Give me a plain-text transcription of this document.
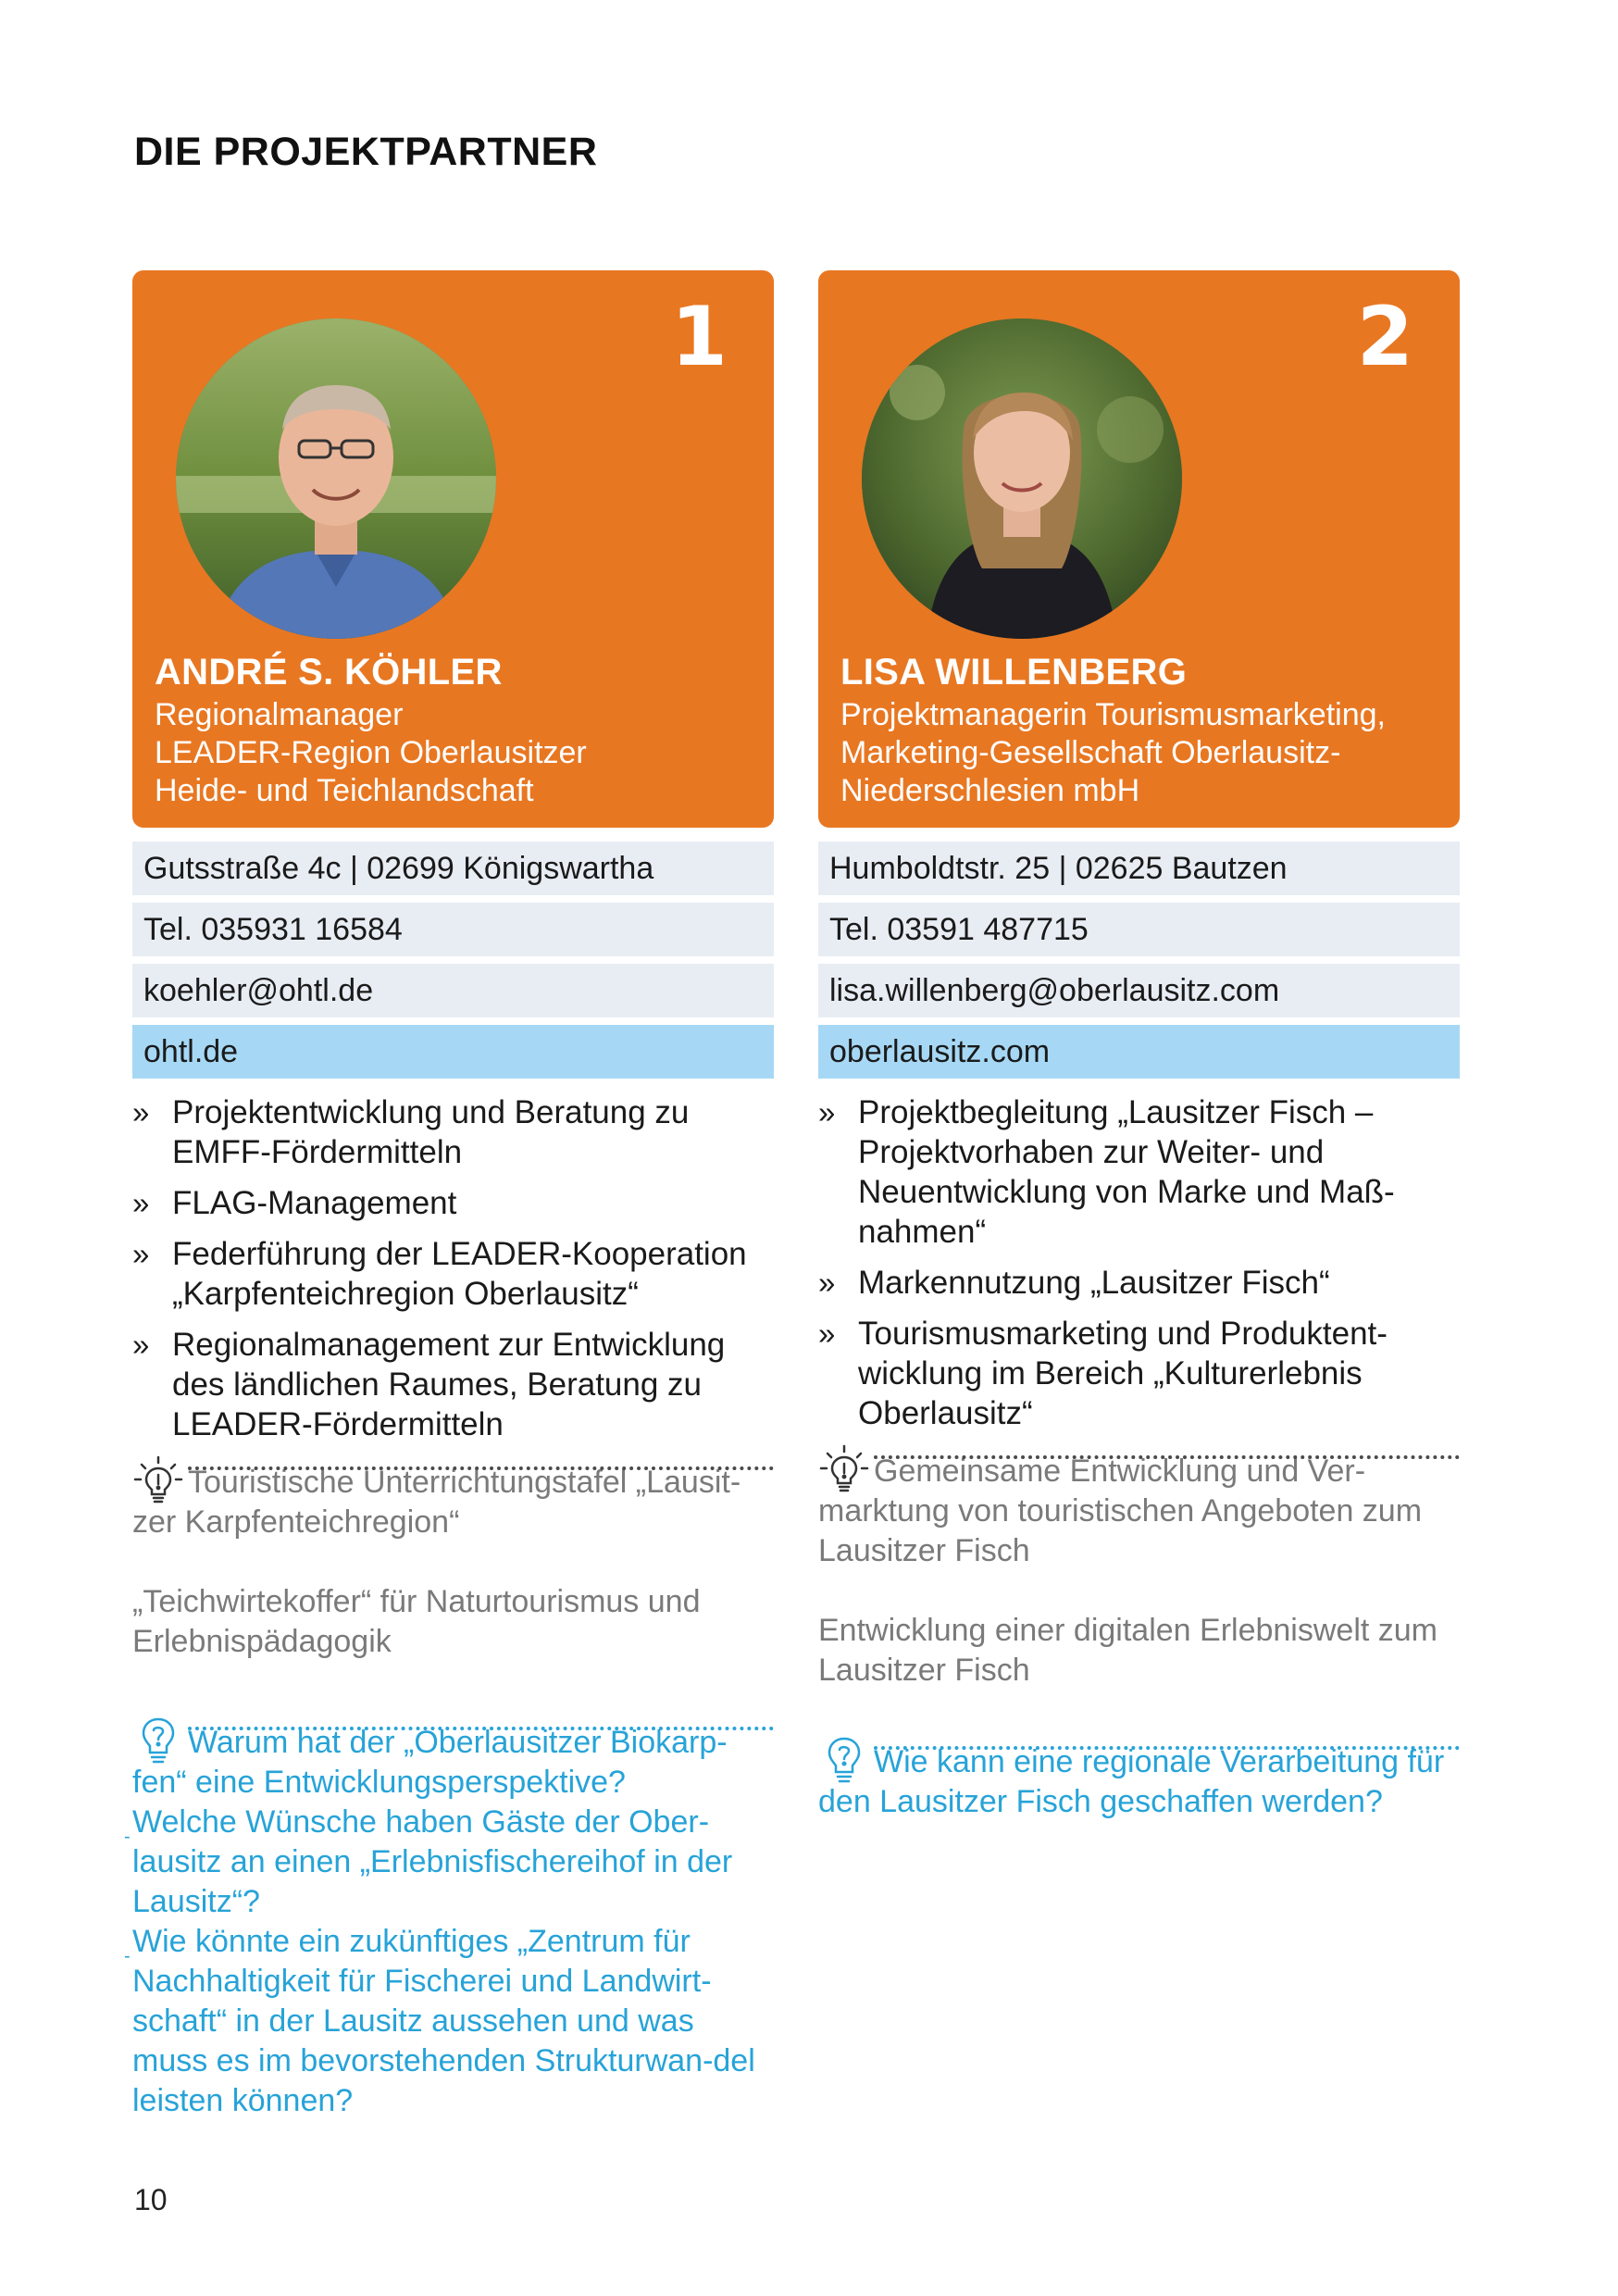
DIE PROJEKTPARTNER
1
ANDRÉ S. KÖHLER
Regionalmanager
LEADER-Region Oberlausitzer
Heide- und Teichlandschaft
Gutsstraße 4c | 02699 Königswartha
Tel. 035931 16584
koehler@ohtl.de
ohtl.de
» Projektentwicklung und Beratung zu EMFF-Fördermitteln
» FLAG-Management
» Federführung der LEADER-Kooperation „Karpfenteichregion Oberlausitz“
» Regionalmanagement zur Entwicklung des ländlichen Raumes, Beratung zu LEADER-Fördermitteln
Touristische Unterrichtungstafel „Lausit-zer Karpfenteichregion“
„Teichwirtekoffer“ für Naturtourismus und Erlebnispädagogik
Warum hat der „Oberlausitzer Biokarp-fen“ eine Entwicklungsperspektive?
- Welche Wünsche haben Gäste der Ober-lausitz an einen „Erlebnisfischereihof in der Lausitz“?
- Wie könnte ein zukünftiges „Zentrum für Nachhaltigkeit für Fischerei und Landwirt-schaft“ in der Lausitz aussehen und was muss es im bevorstehenden Strukturwan-del leisten können?
2
LISA WILLENBERG
Projektmanagerin Tourismusmarketing,
Marketing-Gesellschaft Oberlausitz-
Niederschlesien mbH
Humboldtstr. 25 | 02625 Bautzen
Tel. 03591 487715
lisa.willenberg@oberlausitz.com
oberlausitz.com
» Projektbegleitung „Lausitzer Fisch – Projektvorhaben zur Weiter- und Neuentwicklung von Marke und Maß-nahmen“
» Markennutzung „Lausitzer Fisch“
» Tourismusmarketing und Produktent-wicklung im Bereich „Kulturerlebnis Oberlausitz“
Gemeinsame Entwicklung und Ver-marktung von touristischen Angeboten zum Lausitzer Fisch
Entwicklung einer digitalen Erlebniswelt zum Lausitzer Fisch
Wie kann eine regionale Verarbeitung für den Lausitzer Fisch geschaffen werden?
10
